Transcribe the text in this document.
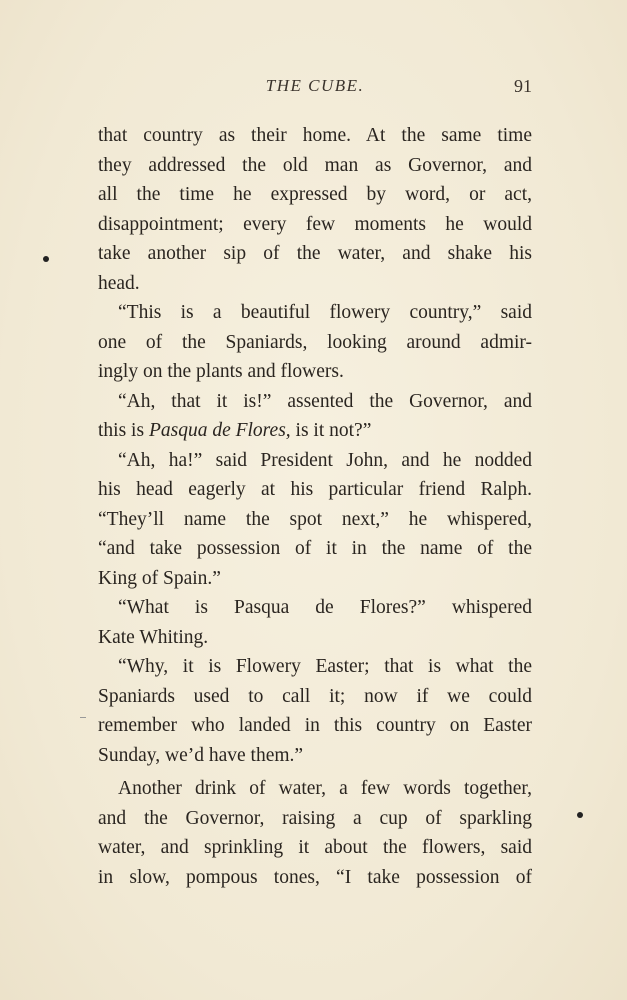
THE CUBE.	91
that country as their home. At the same time
they addressed the old man as Governor, and
all the time he expressed by word, or act,
disappointment; every few moments he would
take another sip of the water, and shake his
head.
“This is a beautiful flowery country,” said
one of the Spaniards, looking around admir-
ingly on the plants and flowers.
“Ah, that it is!” assented the Governor, and
this is Pasqua de Flores, is it not?”
“Ah, ha!” said President John, and he nodded
his head eagerly at his particular friend Ralph.
“They’ll name the spot next,” he whispered,
“and take possession of it in the name of the
King of Spain.”
“What is Pasqua de Flores?” whispered
Kate Whiting.
“Why, it is Flowery Easter; that is what the
Spaniards used to call it; now if we could
remember who landed in this country on Easter
Sunday, we’d have them.”
Another drink of water, a few words together,
and the Governor, raising a cup of sparkling
water, and sprinkling it about the flowers, said
in slow, pompous tones, “I take possession of
